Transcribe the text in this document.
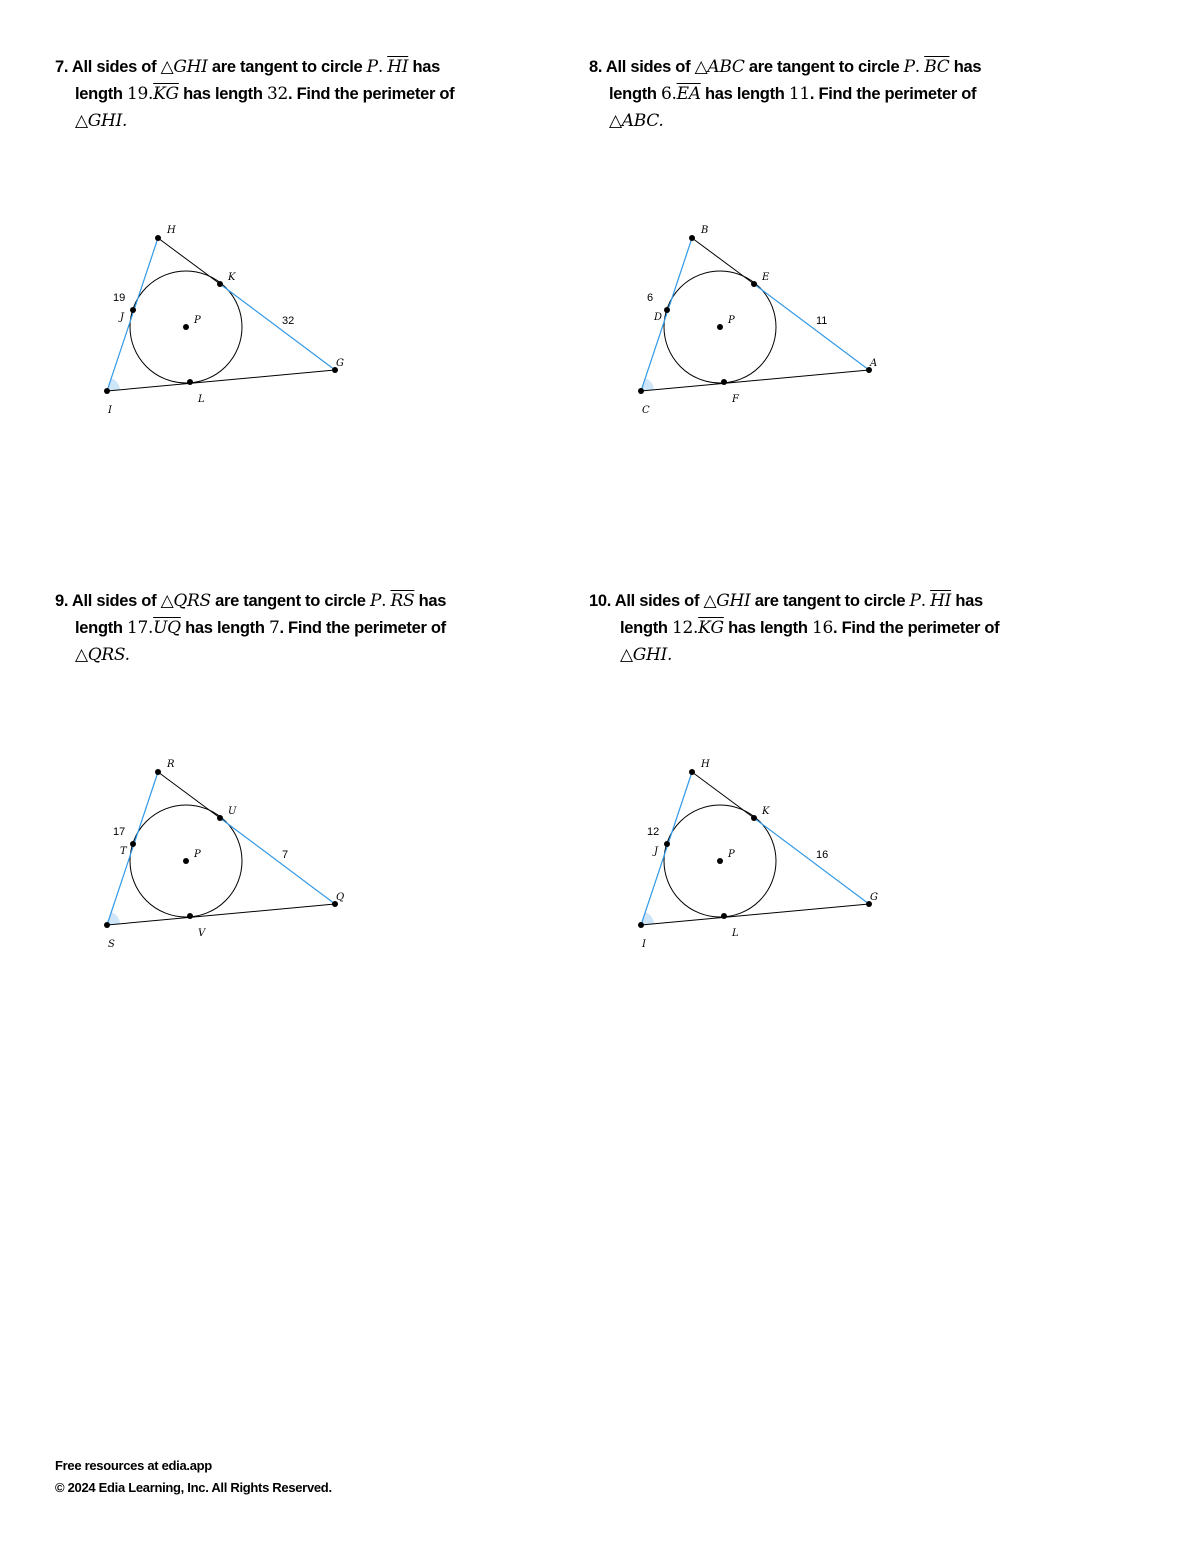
7. All sides of △GHI are tangent to circle P. $\overline{HI}$ has
length $19.\overline{KG}$ has length 32. Find the perimeter of
△GHI.
H
K
J	P
G
I
L
19
32
8. All sides of △ABC are tangent to circle P. $\overline{BC}$ has
length $6.\overline{EA}$ has length 11. Find the perimeter of
△ABC.
B
E
D	P
A
C
F
6
11
9. All sides of △QRS are tangent to circle P. $\overline{RS}$ has
length $17.\overline{UQ}$ has length 7. Find the perimeter of
△QRS.
R
U
T	P
Q
S
V
17
7
10. All sides of △GHI are tangent to circle P. $\overline{HI}$ has
length $12.\overline{KG}$ has length 16. Find the perimeter of
△GHI.
H
K
J	P
G
I
L
12
16
Free resources at edia.app
© 2024 Edia Learning, Inc. All Rights Reserved.
